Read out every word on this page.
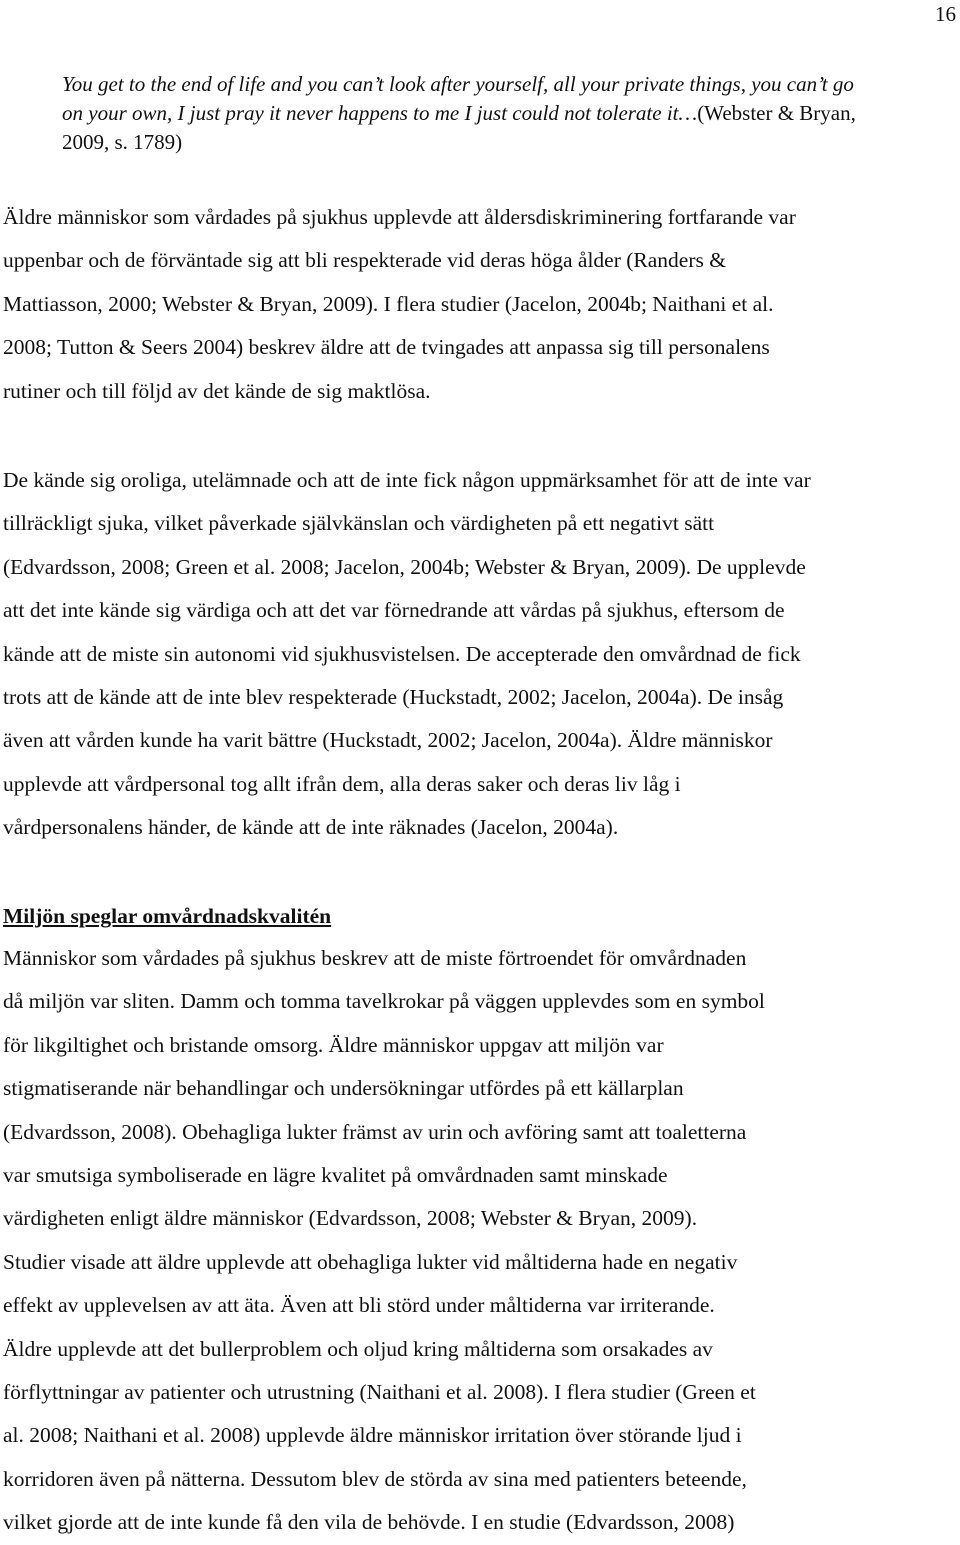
16
You get to the end of life and you can’t look after yourself, all your private things, you can’t go on your own, I just pray it never happens to me I just could not tolerate it…(Webster & Bryan, 2009, s. 1789)
Äldre människor som vårdades på sjukhus upplevde att åldersdiskriminering fortfarande var
uppenbar och de förväntade sig att bli respekterade vid deras höga ålder (Randers &
Mattiasson, 2000; Webster & Bryan, 2009). I flera studier (Jacelon, 2004b; Naithani et al.
2008; Tutton & Seers 2004) beskrev äldre att de tvingades att anpassa sig till personalens
rutiner och till följd av det kände de sig maktlösa.
De kände sig oroliga, utelämnade och att de inte fick någon uppmärksamhet för att de inte var
tillräckligt sjuka, vilket påverkade självkänslan och värdigheten på ett negativt sätt
(Edvardsson, 2008; Green et al. 2008; Jacelon, 2004b; Webster & Bryan, 2009). De upplevde
att det inte kände sig värdiga och att det var förnedrande att vårdas på sjukhus, eftersom de
kände att de miste sin autonomi vid sjukhusvistelsen. De accepterade den omvårdnad de fick
trots att de kände att de inte blev respekterade (Huckstadt, 2002; Jacelon, 2004a). De insåg
även att vården kunde ha varit bättre (Huckstadt, 2002; Jacelon, 2004a). Äldre människor
upplevde att vårdpersonal tog allt ifrån dem, alla deras saker och deras liv låg i
vårdpersonalens händer, de kände att de inte räknades (Jacelon, 2004a).
Miljön speglar omvårdnadskvalitén
Människor som vårdades på sjukhus beskrev att de miste förtroendet för omvårdnaden
då miljön var sliten. Damm och tomma tavelkrokar på väggen upplevdes som en symbol
för likgiltighet och bristande omsorg. Äldre människor uppgav att miljön var
stigmatiserande när behandlingar och undersökningar utfördes på ett källarplan
(Edvardsson, 2008). Obehagliga lukter främst av urin och avföring samt att toaletterna
var smutsiga symboliserade en lägre kvalitet på omvårdnaden samt minskade
värdigheten enligt äldre människor (Edvardsson, 2008; Webster & Bryan, 2009).
Studier visade att äldre upplevde att obehagliga lukter vid måltiderna hade en negativ
effekt av upplevelsen av att äta. Även att bli störd under måltiderna var irriterande.
Äldre upplevde att det bullerproblem och oljud kring måltiderna som orsakades av
förflyttningar av patienter och utrustning (Naithani et al. 2008). I flera studier (Green et
al. 2008; Naithani et al. 2008) upplevde äldre människor irritation över störande ljud i
korridoren även på nätterna. Dessutom blev de störda av sina med patienters beteende,
vilket gjorde att de inte kunde få den vila de behövde. I en studie (Edvardsson, 2008)
